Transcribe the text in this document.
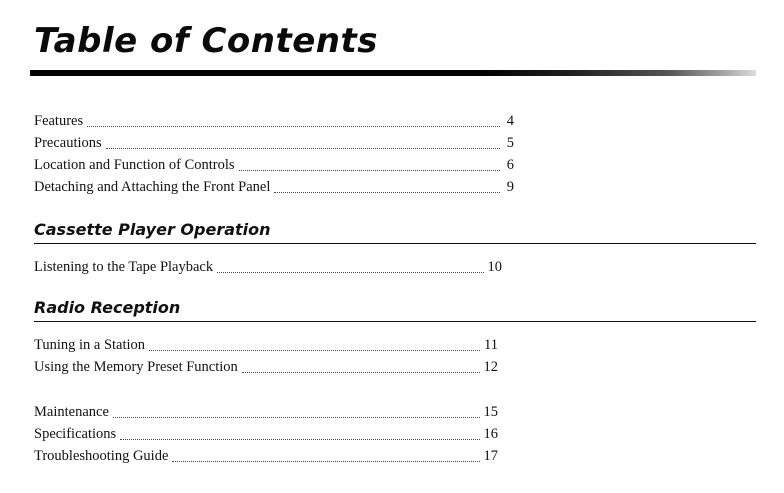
Table of Contents
Features	4
Precautions	5
Location and Function of Controls	6
Detaching and Attaching the Front Panel	9
Cassette Player Operation
Listening to the Tape Playback	10
Radio Reception
Tuning in a Station	11
Using the Memory Preset Function	12
Maintenance	15
Specifications	16
Troubleshooting Guide	17
